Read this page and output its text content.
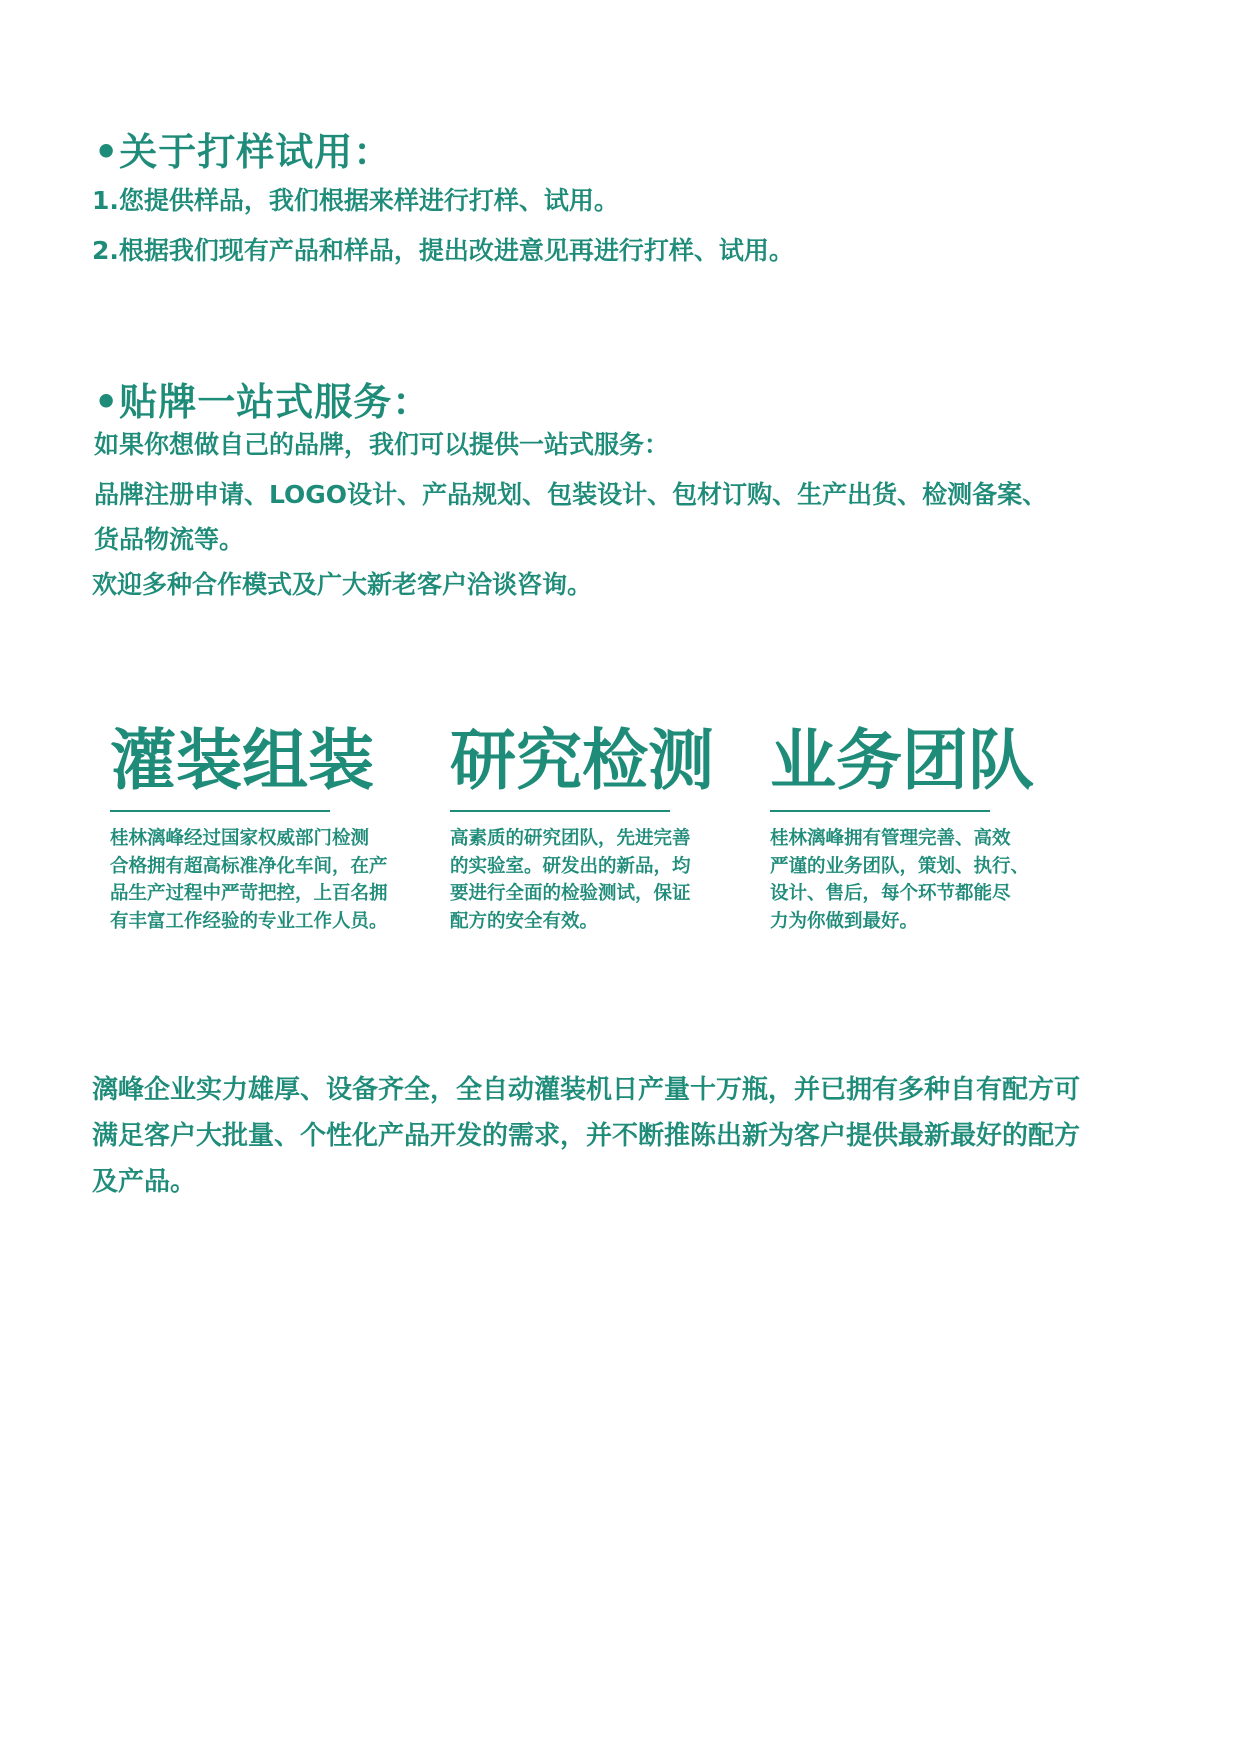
•关于打样试用：
1.您提供样品，我们根据来样进行打样、试用。
2.根据我们现有产品和样品，提出改进意见再进行打样、试用。
•贴牌一站式服务：
如果你想做自己的品牌，我们可以提供一站式服务：
品牌注册申请、LOGO设计、产品规划、包装设计、包材订购、生产出货、检测备案、
货品物流等。
欢迎多种合作模式及广大新老客户洽谈咨询。
灌装组装
桂林漓峰经过国家权威部门检测
合格拥有超高标准净化车间，在产
品生产过程中严苛把控，上百名拥
有丰富工作经验的专业工作人员。
研究检测
高素质的研究团队，先进完善
的实验室。研发出的新品，均
要进行全面的检验测试，保证
配方的安全有效。
业务团队
桂林漓峰拥有管理完善、高效
严谨的业务团队，策划、执行、
设计、售后，每个环节都能尽
力为你做到最好。
漓峰企业实力雄厚、设备齐全，全自动灌装机日产量十万瓶，并已拥有多种自有配方可
满足客户大批量、个性化产品开发的需求，并不断推陈出新为客户提供最新最好的配方
及产品。
